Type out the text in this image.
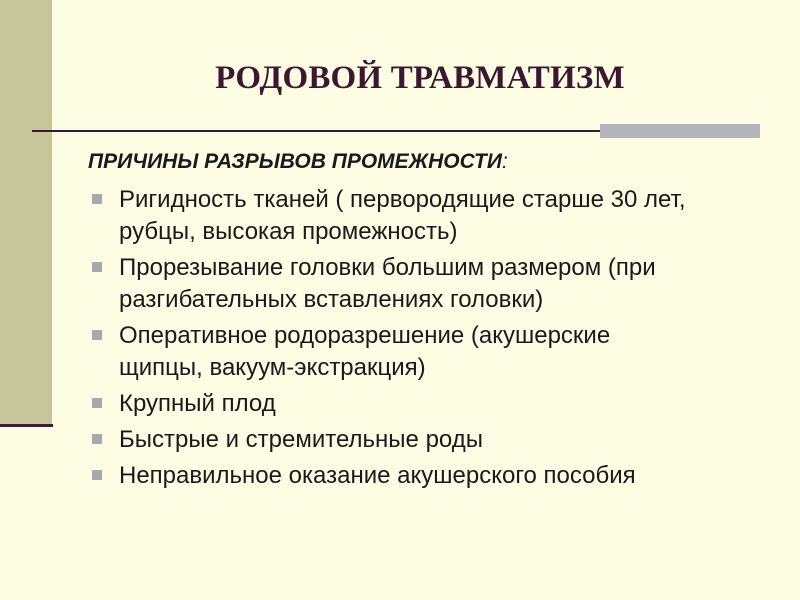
РОДОВОЙ ТРАВМАТИЗМ
ПРИЧИНЫ РАЗРЫВОВ ПРОМЕЖНОСТИ:
Ригидность тканей ( первородящие старше 30 лет,
рубцы, высокая промежность)
Прорезывание головки большим размером (при
разгибательных вставлениях головки)
Оперативное родоразрешение (акушерские
щипцы, вакуум-экстракция)
Крупный плод
Быстрые и стремительные роды
Неправильное оказание акушерского пособия
